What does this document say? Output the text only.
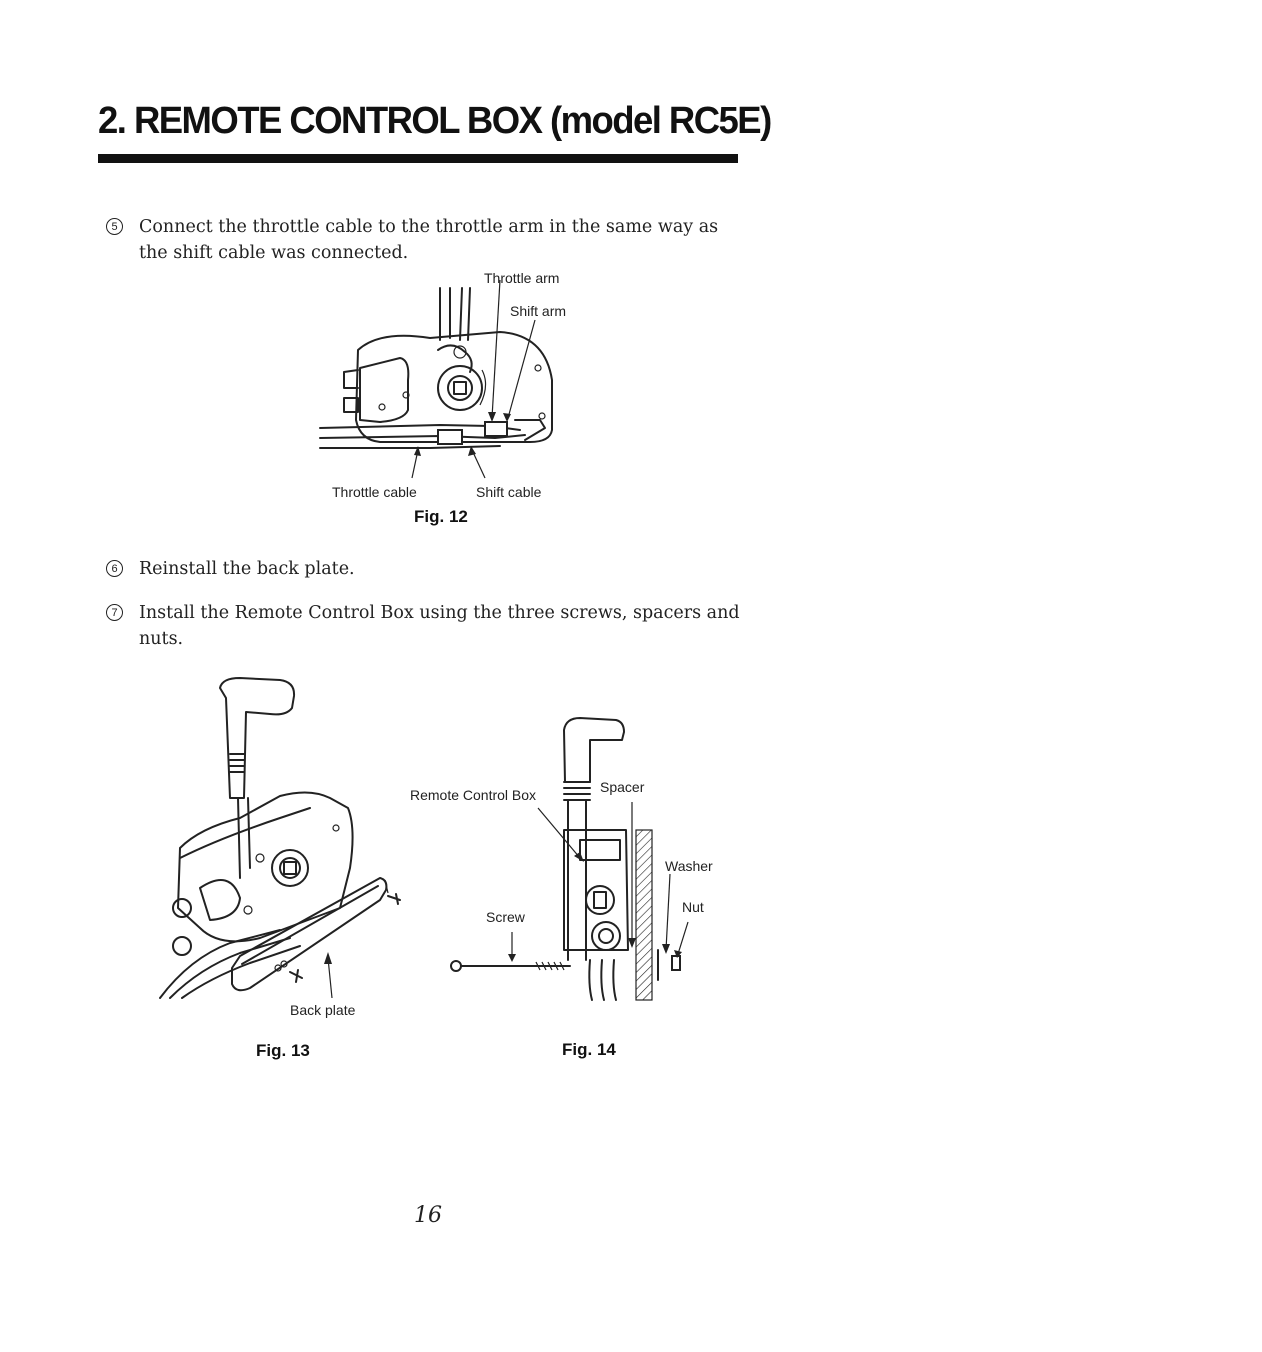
2. REMOTE CONTROL BOX (model RC5E)
5	Connect the throttle cable to the throttle arm in the same way as the shift cable was connected.
Throttle arm
Shift arm
Throttle cable	Shift cable
Fig. 12
6	Reinstall the back plate.
7	Install the Remote Control Box using the three screws, spacers and nuts.
Back plate
Fig. 13
Remote Control Box	Spacer
Washer
Nut
Screw
Fig. 14
16
